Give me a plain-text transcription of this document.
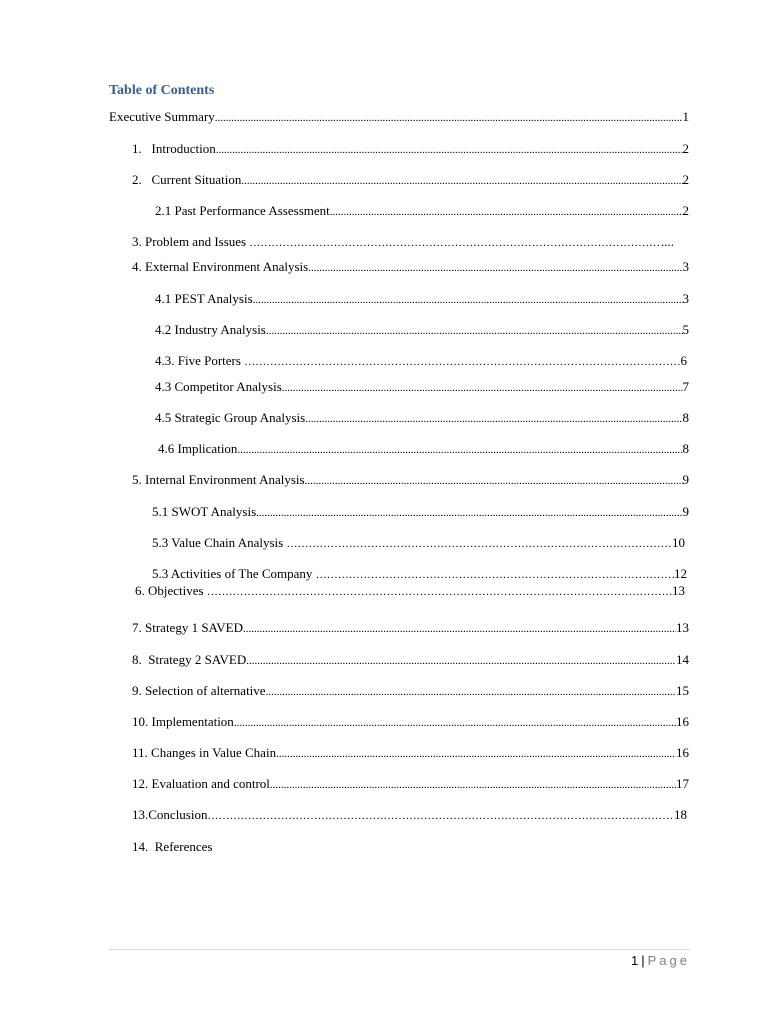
Table of Contents
Executive Summary .....	1
1. Introduction .....	2
2. Current Situation .....	2
2.1 Past Performance Assessment .....	2
3. Problem and Issues …………………………………………………………………………………………………………………………………………	....
4. External Environment Analysis .....	3
4.1 PEST Analysis .....	3
4.2 Industry Analysis .....	5
4.3. Five Porters …………………………………………………………………………………………………………………………………………	6
4.3 Competitor Analysis .....	7
4.5 Strategic Group Analysis .....	8
4.6 Implication .....	8
5. Internal Environment Analysis .....	9
5.1 SWOT Analysis .....	9
5.3 Value Chain Analysis …………………………………………………………………………………………………………………………………………	10
5.3 Activities of The Company …………………………………………………………………………………………………………………………………………	12
6. Objectives …………………………………………………………………………………………………………………………………………	13
7. Strategy 1 SAVED .....	13
8.  Strategy 2 SAVED .....	14
9. Selection of alternative .....	15
10. Implementation .....	16
11. Changes in Value Chain .....	16
12. Evaluation and control .....	17
13.Conclusion …………………………………………………………………………………………………………………………………………	18
14.  References
1 | Page
